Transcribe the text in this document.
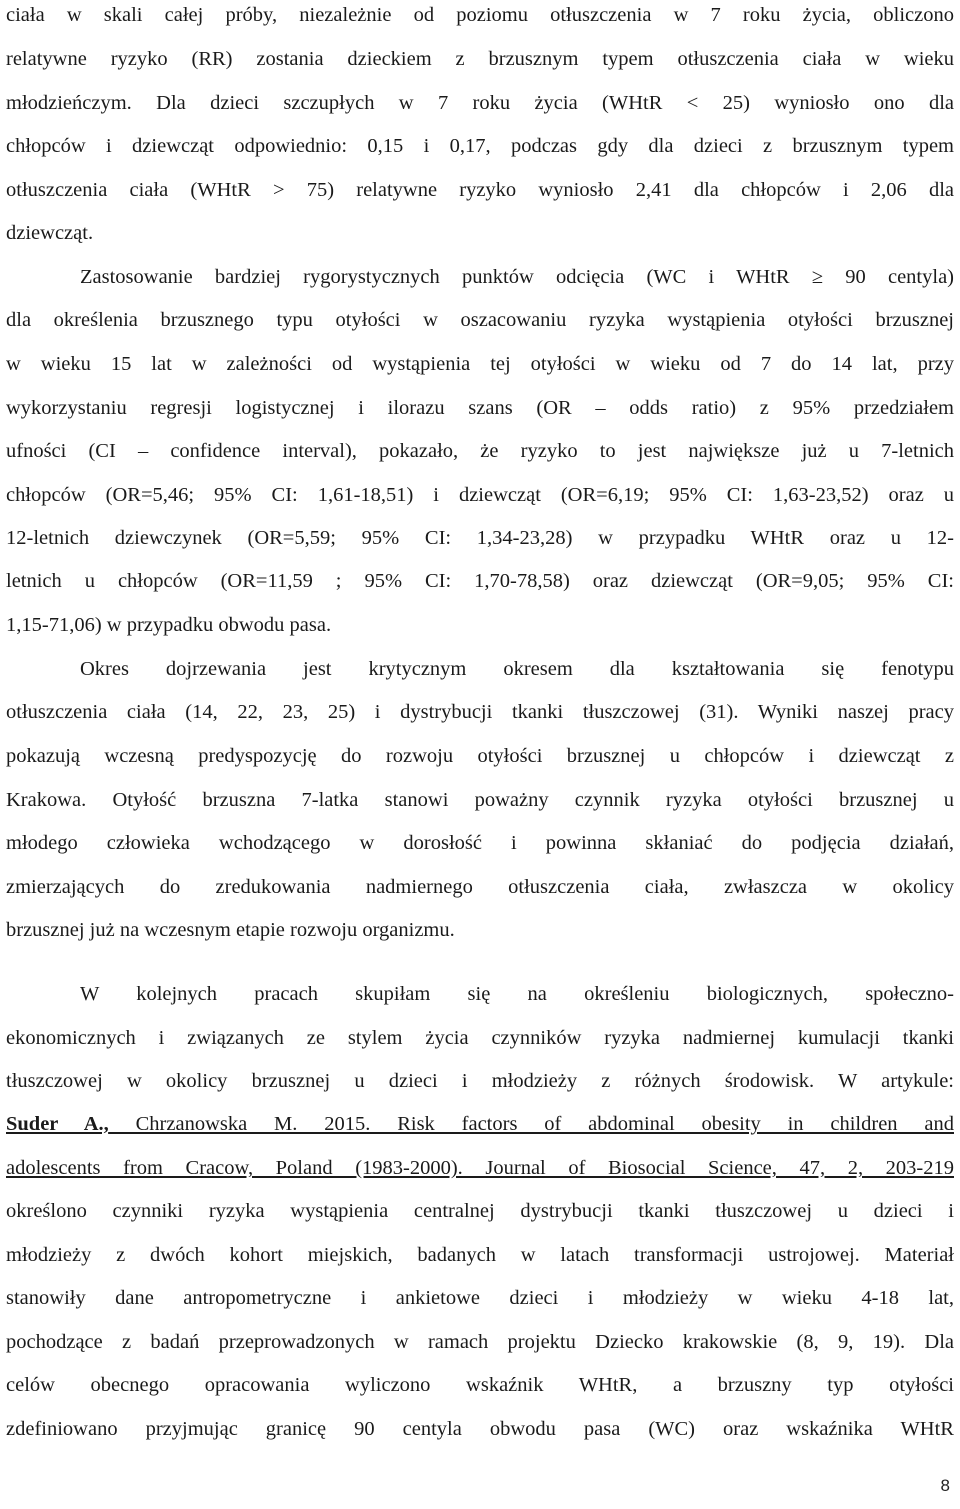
ciała w skali całej próby, niezależnie od poziomu otłuszczenia w 7 roku życia, obliczono
relatywne ryzyko (RR) zostania dzieckiem z brzusznym typem otłuszczenia ciała w wieku
młodzieńczym. Dla dzieci szczupłych w 7 roku życia (WHtR < 25) wyniosło ono dla
chłopców i dziewcząt odpowiednio: 0,15 i 0,17, podczas gdy dla dzieci z brzusznym typem
otłuszczenia ciała (WHtR > 75) relatywne ryzyko wyniosło 2,41 dla chłopców i 2,06 dla
dziewcząt.
Zastosowanie bardziej rygorystycznych punktów odcięcia (WC i WHtR ≥ 90 centyla)
dla określenia brzusznego typu otyłości w oszacowaniu ryzyka wystąpienia otyłości brzusznej
w wieku 15 lat w zależności od wystąpienia tej otyłości w wieku od 7 do 14 lat, przy
wykorzystaniu regresji logistycznej i ilorazu szans (OR – odds ratio) z 95% przedziałem
ufności (CI – confidence interval), pokazało, że ryzyko to jest największe już u 7-letnich
chłopców (OR=5,46; 95% CI: 1,61-18,51) i dziewcząt (OR=6,19; 95% CI: 1,63-23,52) oraz u
12-letnich dziewczynek (OR=5,59; 95% CI: 1,34-23,28) w przypadku WHtR oraz u 12-
letnich u chłopców (OR=11,59 ; 95% CI: 1,70-78,58) oraz dziewcząt (OR=9,05; 95% CI:
1,15-71,06) w przypadku obwodu pasa.
Okres dojrzewania jest krytycznym okresem dla kształtowania się fenotypu
otłuszczenia ciała (14, 22, 23, 25) i dystrybucji tkanki tłuszczowej (31). Wyniki naszej pracy
pokazują wczesną predyspozycję do rozwoju otyłości brzusznej u chłopców i dziewcząt z
Krakowa. Otyłość brzuszna 7-latka stanowi poważny czynnik ryzyka otyłości brzusznej u
młodego człowieka wchodzącego w dorosłość i powinna skłaniać do podjęcia działań,
zmierzających do zredukowania nadmiernego otłuszczenia ciała, zwłaszcza w okolicy
brzusznej już na wczesnym etapie rozwoju organizmu.
W kolejnych pracach skupiłam się na określeniu biologicznych, społeczno-
ekonomicznych i związanych ze stylem życia czynników ryzyka nadmiernej kumulacji tkanki
tłuszczowej w okolicy brzusznej u dzieci i młodzieży z różnych środowisk. W artykule:
Suder A., Chrzanowska M. 2015. Risk factors of abdominal obesity in children and
adolescents from Cracow, Poland (1983-2000). Journal of Biosocial Science, 47, 2, 203-219
określono czynniki ryzyka wystąpienia centralnej dystrybucji tkanki tłuszczowej u dzieci i
młodzieży z dwóch kohort miejskich, badanych w latach transformacji ustrojowej. Materiał
stanowiły dane antropometryczne i ankietowe dzieci i młodzieży w wieku 4-18 lat,
pochodzące z badań przeprowadzonych w ramach projektu Dziecko krakowskie (8, 9, 19). Dla
celów obecnego opracowania wyliczono wskaźnik WHtR, a brzuszny typ otyłości
zdefiniowano przyjmując granicę 90 centyla obwodu pasa (WC) oraz wskaźnika WHtR
8
